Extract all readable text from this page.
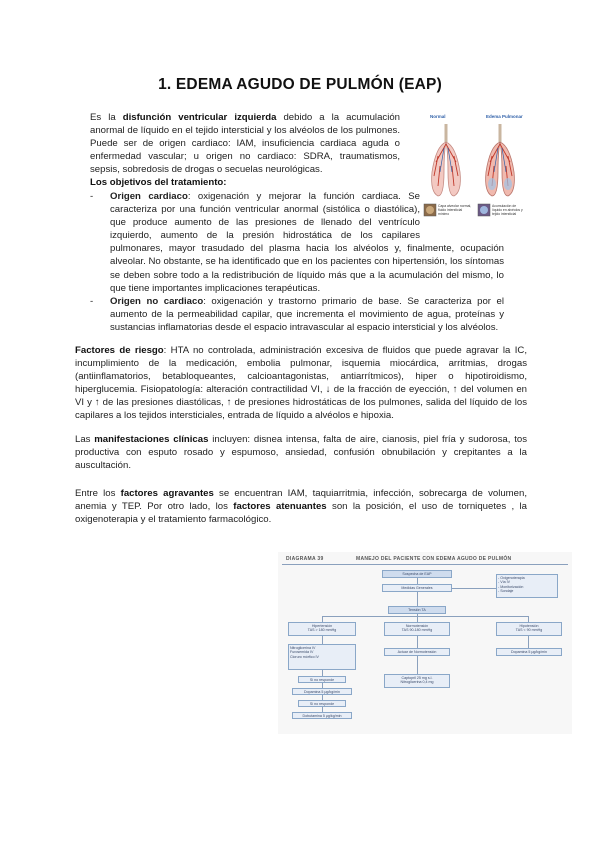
1. EDEMA AGUDO DE PULMÓN (EAP)
Normal	Edema Pulmonar
Capa alveolar normal, fluido intersticial mínimo
Acumulación de líquido en alvéolos y tejido intersticial

Es la disfunción ventricular izquierda debido a la acumulación anormal de líquido en el tejido intersticial y los alvéolos de los pulmones. Puede ser de origen cardiaco: IAM, insuficiencia cardiaca aguda o enfermedad vascular; u origen no cardiaco: SDRA, traumatismos, sepsis, sobredosis de drogas o secuelas neurológicas.

Los objetivos del tratamiento:
- Origen cardiaco: oxigenación y mejorar la función cardiaca. Se caracteriza por una función ventricular anormal (sistólica o diastólica), que produce aumento de las presiones de llenado del ventrículo izquierdo, aumento de la presión hidrostática de los capilares pulmonares, mayor trasudado del plasma hacia los alvéolos y, finalmente, ocupación alveolar. No obstante, se ha identificado que en los pacientes con hipertensión, los síntomas se deben sobre todo a la redistribución de líquido más que a la acumulación del mismo, lo que tiene importantes implicaciones terapéuticas.
- Origen no cardiaco: oxigenación y trastorno primario de base. Se caracteriza por el aumento de la permeabilidad capilar, que incrementa el movimiento de agua, proteínas y sustancias inflamatorias desde el espacio intravascular al espacio intersticial y los alvéolos.

Factores de riesgo: HTA no controlada, administración excesiva de fluidos que puede agravar la IC, incumplimiento de la medicación, embolia pulmonar, isquemia miocárdica, arritmias, drogas (antiinflamatorios, betabloqueantes, calcioantagonistas, antiarrítmicos), hiper o hipotiroidismo, hiperglucemia. Fisiopatología: alteración contractilidad VI, ↓ de la fracción de eyección, ↑ del volumen en VI y ↑ de las presiones diastólicas, ↑ de presiones hidrostáticas de los pulmones, salida del líquido de los capilares a los tejidos intersticiales, entrada de líquido a alvéolos e hipoxia.

Las manifestaciones clínicas incluyen: disnea intensa, falta de aire, cianosis, piel fría y sudorosa, tos productiva con esputo rosado y espumoso, ansiedad, confusión obnubilación y crepitantes a la auscultación.

Entre los factores agravantes se encuentran IAM, taquiarritmia, infección, sobrecarga de volumen, anemia y TEP. Por otro lado, los factores atenuantes son la posición, el uso de torniquetes , la oxigenoterapia y el tratamiento farmacológico.

DIAGRAMA 39	MANEJO DEL PACIENTE CON EDEMA AGUDO DE PULMÓN
Sospecha de EAP
Medidas Generales
- Oxigenoterapia
- Vía IV
- Monitorización
- Sondaje
Tensión TA
Hipertensión
TAS > 180 mmHg
Normotensión
TAS 90-180 mmHg
Hipotensión
TAS < 90 mmHg
Nitroglicerina IV
Furosemida IV
Cloruro mórfico IV
Actuar de Normotensión	Dopamina 5 μg/kg/min
Si no responde
Dopamina 5 μg/kg/min
Si no responde
Dobutamina 5 μg/kg/min
Captopril 25 mg s.l.
Nitroglicerina 0,4 mg
